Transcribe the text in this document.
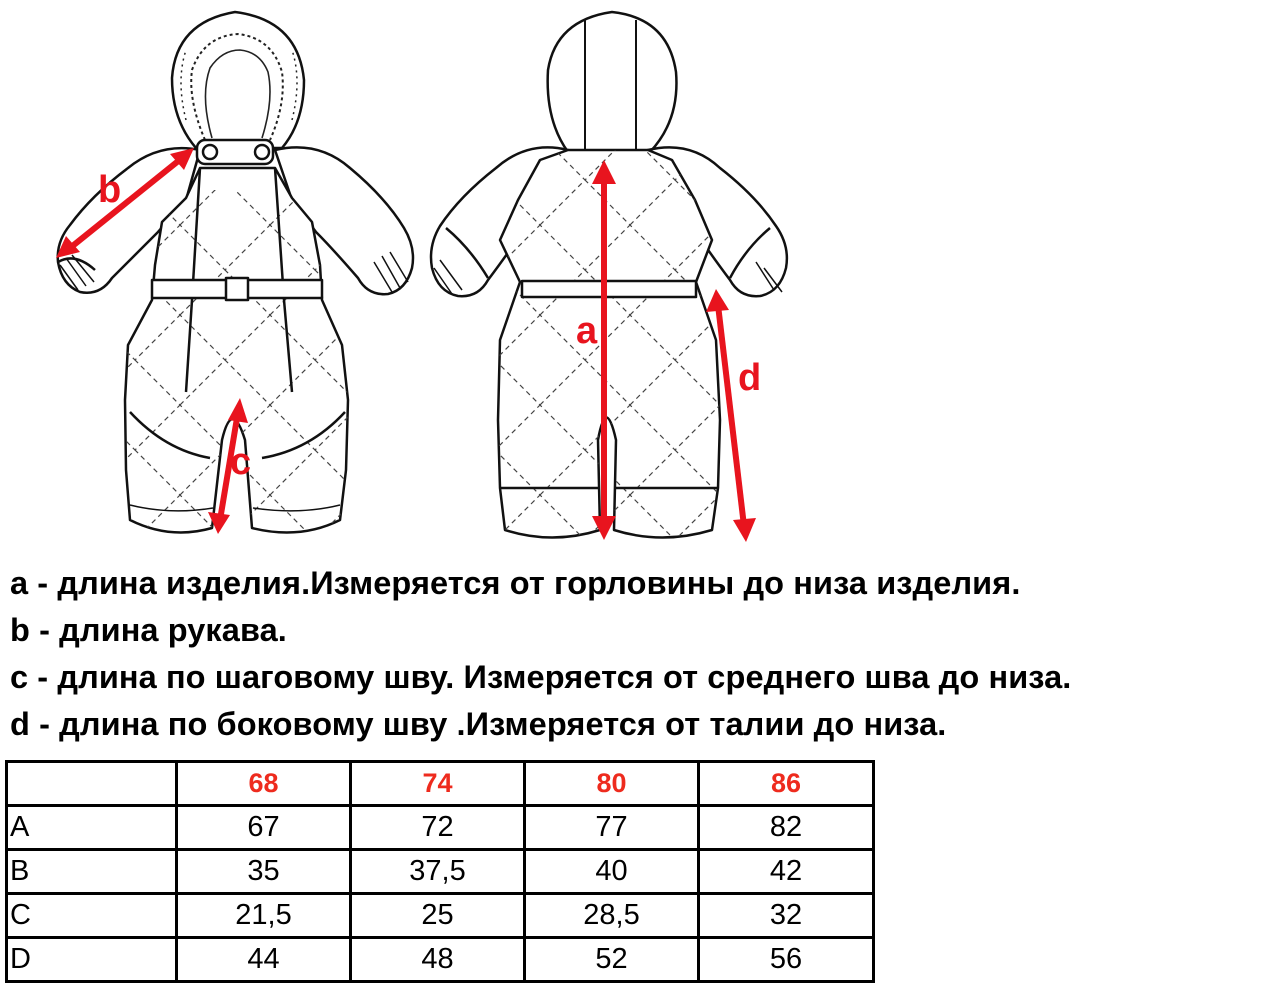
b
c
a
d
a - длина изделия.Измеряется от горловины до низа изделия.
b - длина рукава.
c - длина по шаговому шву. Измеряется от среднего шва до низа.
d - длина по боковому шву .Измеряется от талии до низа.
	68	74	80	86
A	67	72	77	82
B	35	37,5	40	42
C	21,5	25	28,5	32
D	44	48	52	56
